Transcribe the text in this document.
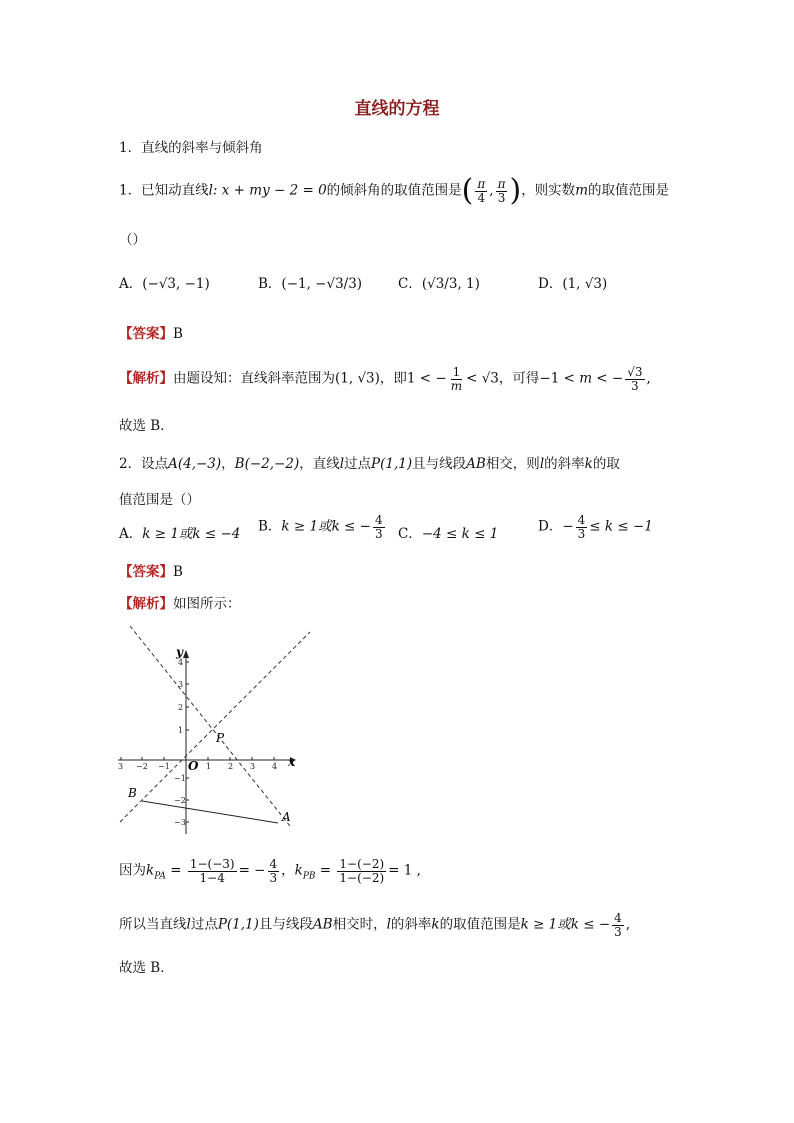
直线的方程
1．直线的斜率与倾斜角
1．已知动直线l: x + my − 2 = 0的倾斜角的取值范围是( $\frac{\pi}{4}$ , $\frac{\pi}{3}$ )，则实数m的取值范围是
（）
A．(−√3, −1)	B．(−1, −√3/3)	C．(√3/3, 1)	D．(1, √3)
【答案】B
【解析】由题设知：直线斜率范围为(1, √3)，即1 < − $\frac{1}{m} < √3$，可得−1 < m < − $\frac{√3}{3}$ ,
故选 B．
2．设点A(4,−3)，B(−2,−2)，直线l过点P(1,1)且与线段AB相交，则l的斜率k的取
值范围是（）
A．k ≥ 1或k ≤ −4 B．k ≥ 1或k ≤ − $\frac{4}{3}$ C．−4 ≤ k ≤ 1	D．− $\frac{4}{3} \le k \le -1$
【答案】B
【解析】如图所示：
3 −2 −1	1 2 3 4
4
3
2
1
−1
−2
−3
x
y
O
P
A
B
因为$k_{PA} = \frac{1-(-3)}{1-4}$ = − $\frac{4}{3}$ ，$k_{PB} = \frac{1-(-2)}{1-(-2)} = 1$ ,
所以当直线l过点P(1,1)且与线段AB相交时，l的斜率k的取值范围是k ≥ 1或k ≤ − $\frac{4}{3}$ ,
故选 B．
